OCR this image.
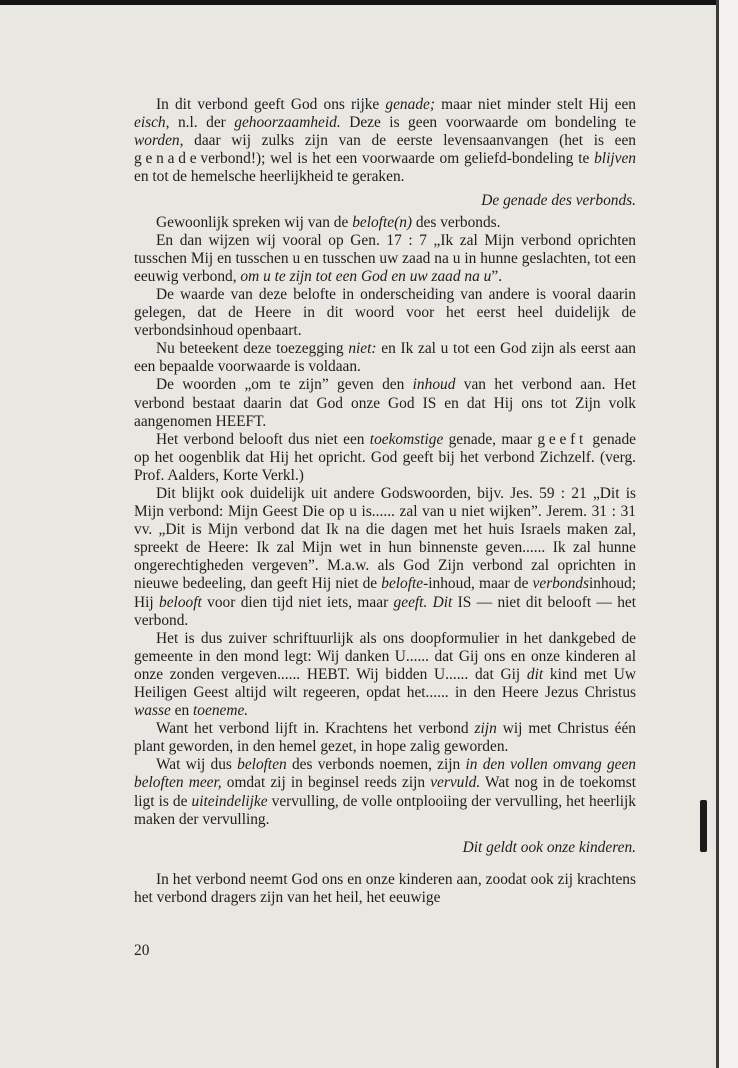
In dit verbond geeft God ons rijke genade; maar niet minder stelt Hij een eisch, n.l. der gehoorzaamheid. Deze is geen voorwaarde om bondeling te worden, daar wij zulks zijn van de eerste levensaanvangen (het is een genadeverbond!); wel is het een voorwaarde om geliefd-bondeling te blijven en tot de hemelsche heerlijkheid te geraken.

De genade des verbonds.

Gewoonlijk spreken wij van de belofte(n) des verbonds.

En dan wijzen wij vooral op Gen. 17 : 7 „Ik zal Mijn verbond oprichten tusschen Mij en tusschen u en tusschen uw zaad na u in hunne geslachten, tot een eeuwig verbond, om u te zijn tot een God en uw zaad na u”.

De waarde van deze belofte in onderscheiding van andere is vooral daarin gelegen, dat de Heere in dit woord voor het eerst heel duidelijk de verbondsinhoud openbaart.

Nu beteekent deze toezegging niet: en Ik zal u tot een God zijn als eerst aan een bepaalde voorwaarde is voldaan.

De woorden „om te zijn” geven den inhoud van het verbond aan. Het verbond bestaat daarin dat God onze God IS en dat Hij ons tot Zijn volk aangenomen HEEFT.

Het verbond belooft dus niet een toekomstige genade, maar geeft genade op het oogenblik dat Hij het opricht. God geeft bij het verbond Zichzelf. (verg. Prof. Aalders, Korte Verkl.)

Dit blijkt ook duidelijk uit andere Godswoorden, bijv. Jes. 59 : 21 „Dit is Mijn verbond: Mijn Geest Die op u is...... zal van u niet wijken”. Jerem. 31 : 31 vv. „Dit is Mijn verbond dat Ik na die dagen met het huis Israels maken zal, spreekt de Heere: Ik zal Mijn wet in hun binnenste geven...... Ik zal hunne ongerechtigheden vergeven”. M.a.w. als God Zijn verbond zal oprichten in nieuwe bedeeling, dan geeft Hij niet de belofte-inhoud, maar de verbondsinhoud; Hij belooft voor dien tijd niet iets, maar geeft. Dit IS — niet dit belooft — het verbond.

Het is dus zuiver schriftuurlijk als ons doopformulier in het dankgebed de gemeente in den mond legt: Wij danken U...... dat Gij ons en onze kinderen al onze zonden vergeven...... HEBT. Wij bidden U...... dat Gij dit kind met Uw Heiligen Geest altijd wilt regeeren, opdat het...... in den Heere Jezus Christus wasse en toeneme.

Want het verbond lijft in. Krachtens het verbond zijn wij met Christus één plant geworden, in den hemel gezet, in hope zalig geworden.

Wat wij dus beloften des verbonds noemen, zijn in den vollen omvang geen beloften meer, omdat zij in beginsel reeds zijn vervuld. Wat nog in de toekomst ligt is de uiteindelijke vervulling, de volle ontplooiing der vervulling, het heerlijk maken der vervulling.

Dit geldt ook onze kinderen.

In het verbond neemt God ons en onze kinderen aan, zoodat ook zij krachtens het verbond dragers zijn van het heil, het eeuwige

20
